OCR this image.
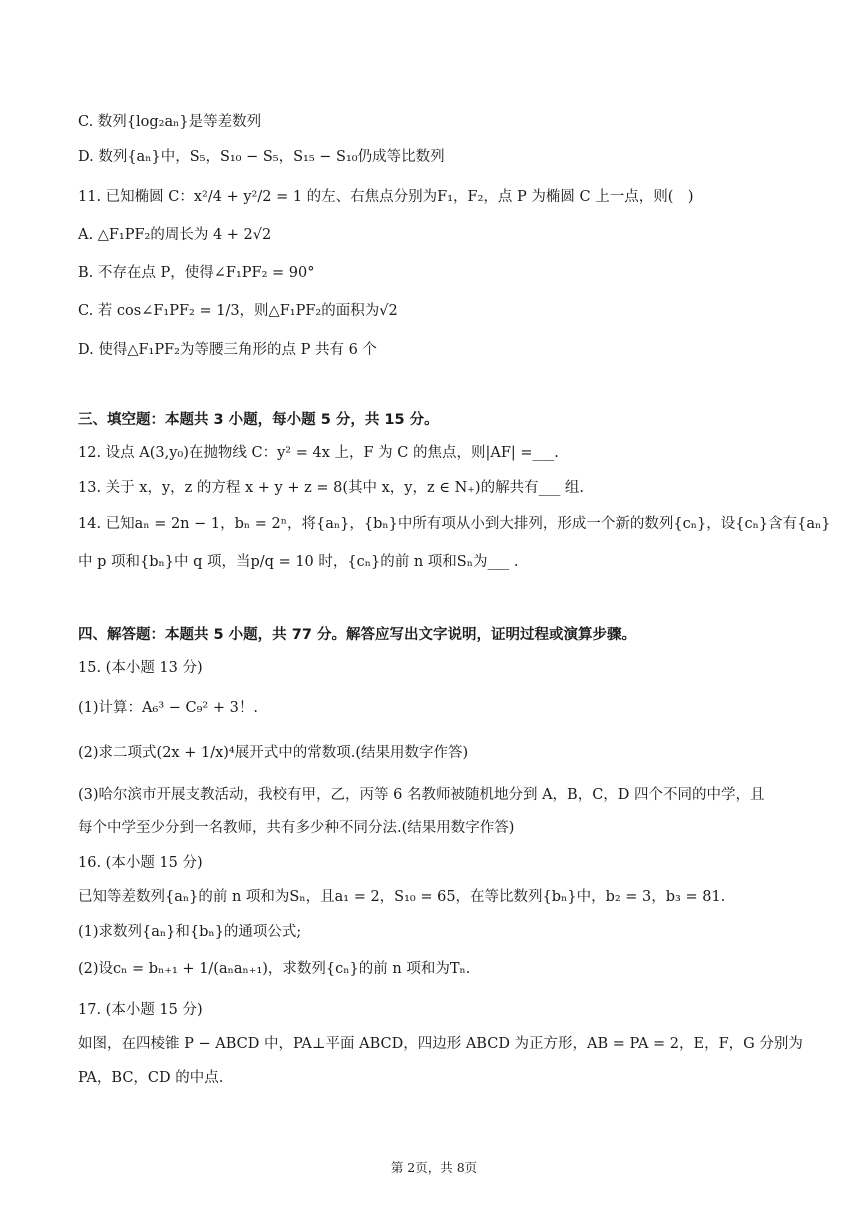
C. 数列{log₂aₙ}是等差数列
D. 数列{aₙ}中，S₅，S₁₀ − S₅，S₁₅ − S₁₀仍成等比数列
11. 已知椭圆 C：x²/4 + y²/2 = 1 的左、右焦点分别为F₁，F₂，点 P 为椭圆 C 上一点，则(　)
A. △F₁PF₂的周长为 4 + 2√2
B. 不存在点 P，使得∠F₁PF₂ = 90°
C. 若 cos∠F₁PF₂ = 1/3，则△F₁PF₂的面积为√2
D. 使得△F₁PF₂为等腰三角形的点 P 共有 6 个
三、填空题：本题共 3 小题，每小题 5 分，共 15 分。
12. 设点 A(3,y₀)在抛物线 C：y² = 4x 上，F 为 C 的焦点，则|AF| =___.
13. 关于 x，y，z 的方程 x + y + z = 8(其中 x，y，z ∈ N₊)的解共有___ 组.
14. 已知aₙ = 2n − 1，bₙ = 2ⁿ，将{aₙ}，{bₙ}中所有项从小到大排列，形成一个新的数列{cₙ}，设{cₙ}含有{aₙ}
中 p 项和{bₙ}中 q 项，当p/q = 10 时，{cₙ}的前 n 项和Sₙ为___ .
四、解答题：本题共 5 小题，共 77 分。解答应写出文字说明，证明过程或演算步骤。
15. (本小题 13 分)
(1)计算：A₆³ − C₉² + 3！.
(2)求二项式(2x + 1/x)⁴展开式中的常数项.(结果用数字作答)
(3)哈尔滨市开展支教活动，我校有甲，乙，丙等 6 名教师被随机地分到 A，B，C，D 四个不同的中学，且
每个中学至少分到一名教师，共有多少种不同分法.(结果用数字作答)
16. (本小题 15 分)
已知等差数列{aₙ}的前 n 项和为Sₙ，且a₁ = 2，S₁₀ = 65，在等比数列{bₙ}中，b₂ = 3，b₃ = 81.
(1)求数列{aₙ}和{bₙ}的通项公式;
(2)设cₙ = bₙ₊₁ + 1/(aₙaₙ₊₁)，求数列{cₙ}的前 n 项和为Tₙ.
17. (本小题 15 分)
如图，在四棱锥 P − ABCD 中，PA⊥平面 ABCD，四边形 ABCD 为正方形，AB = PA = 2，E，F，G 分别为
PA，BC，CD 的中点.
第 2页，共 8页
